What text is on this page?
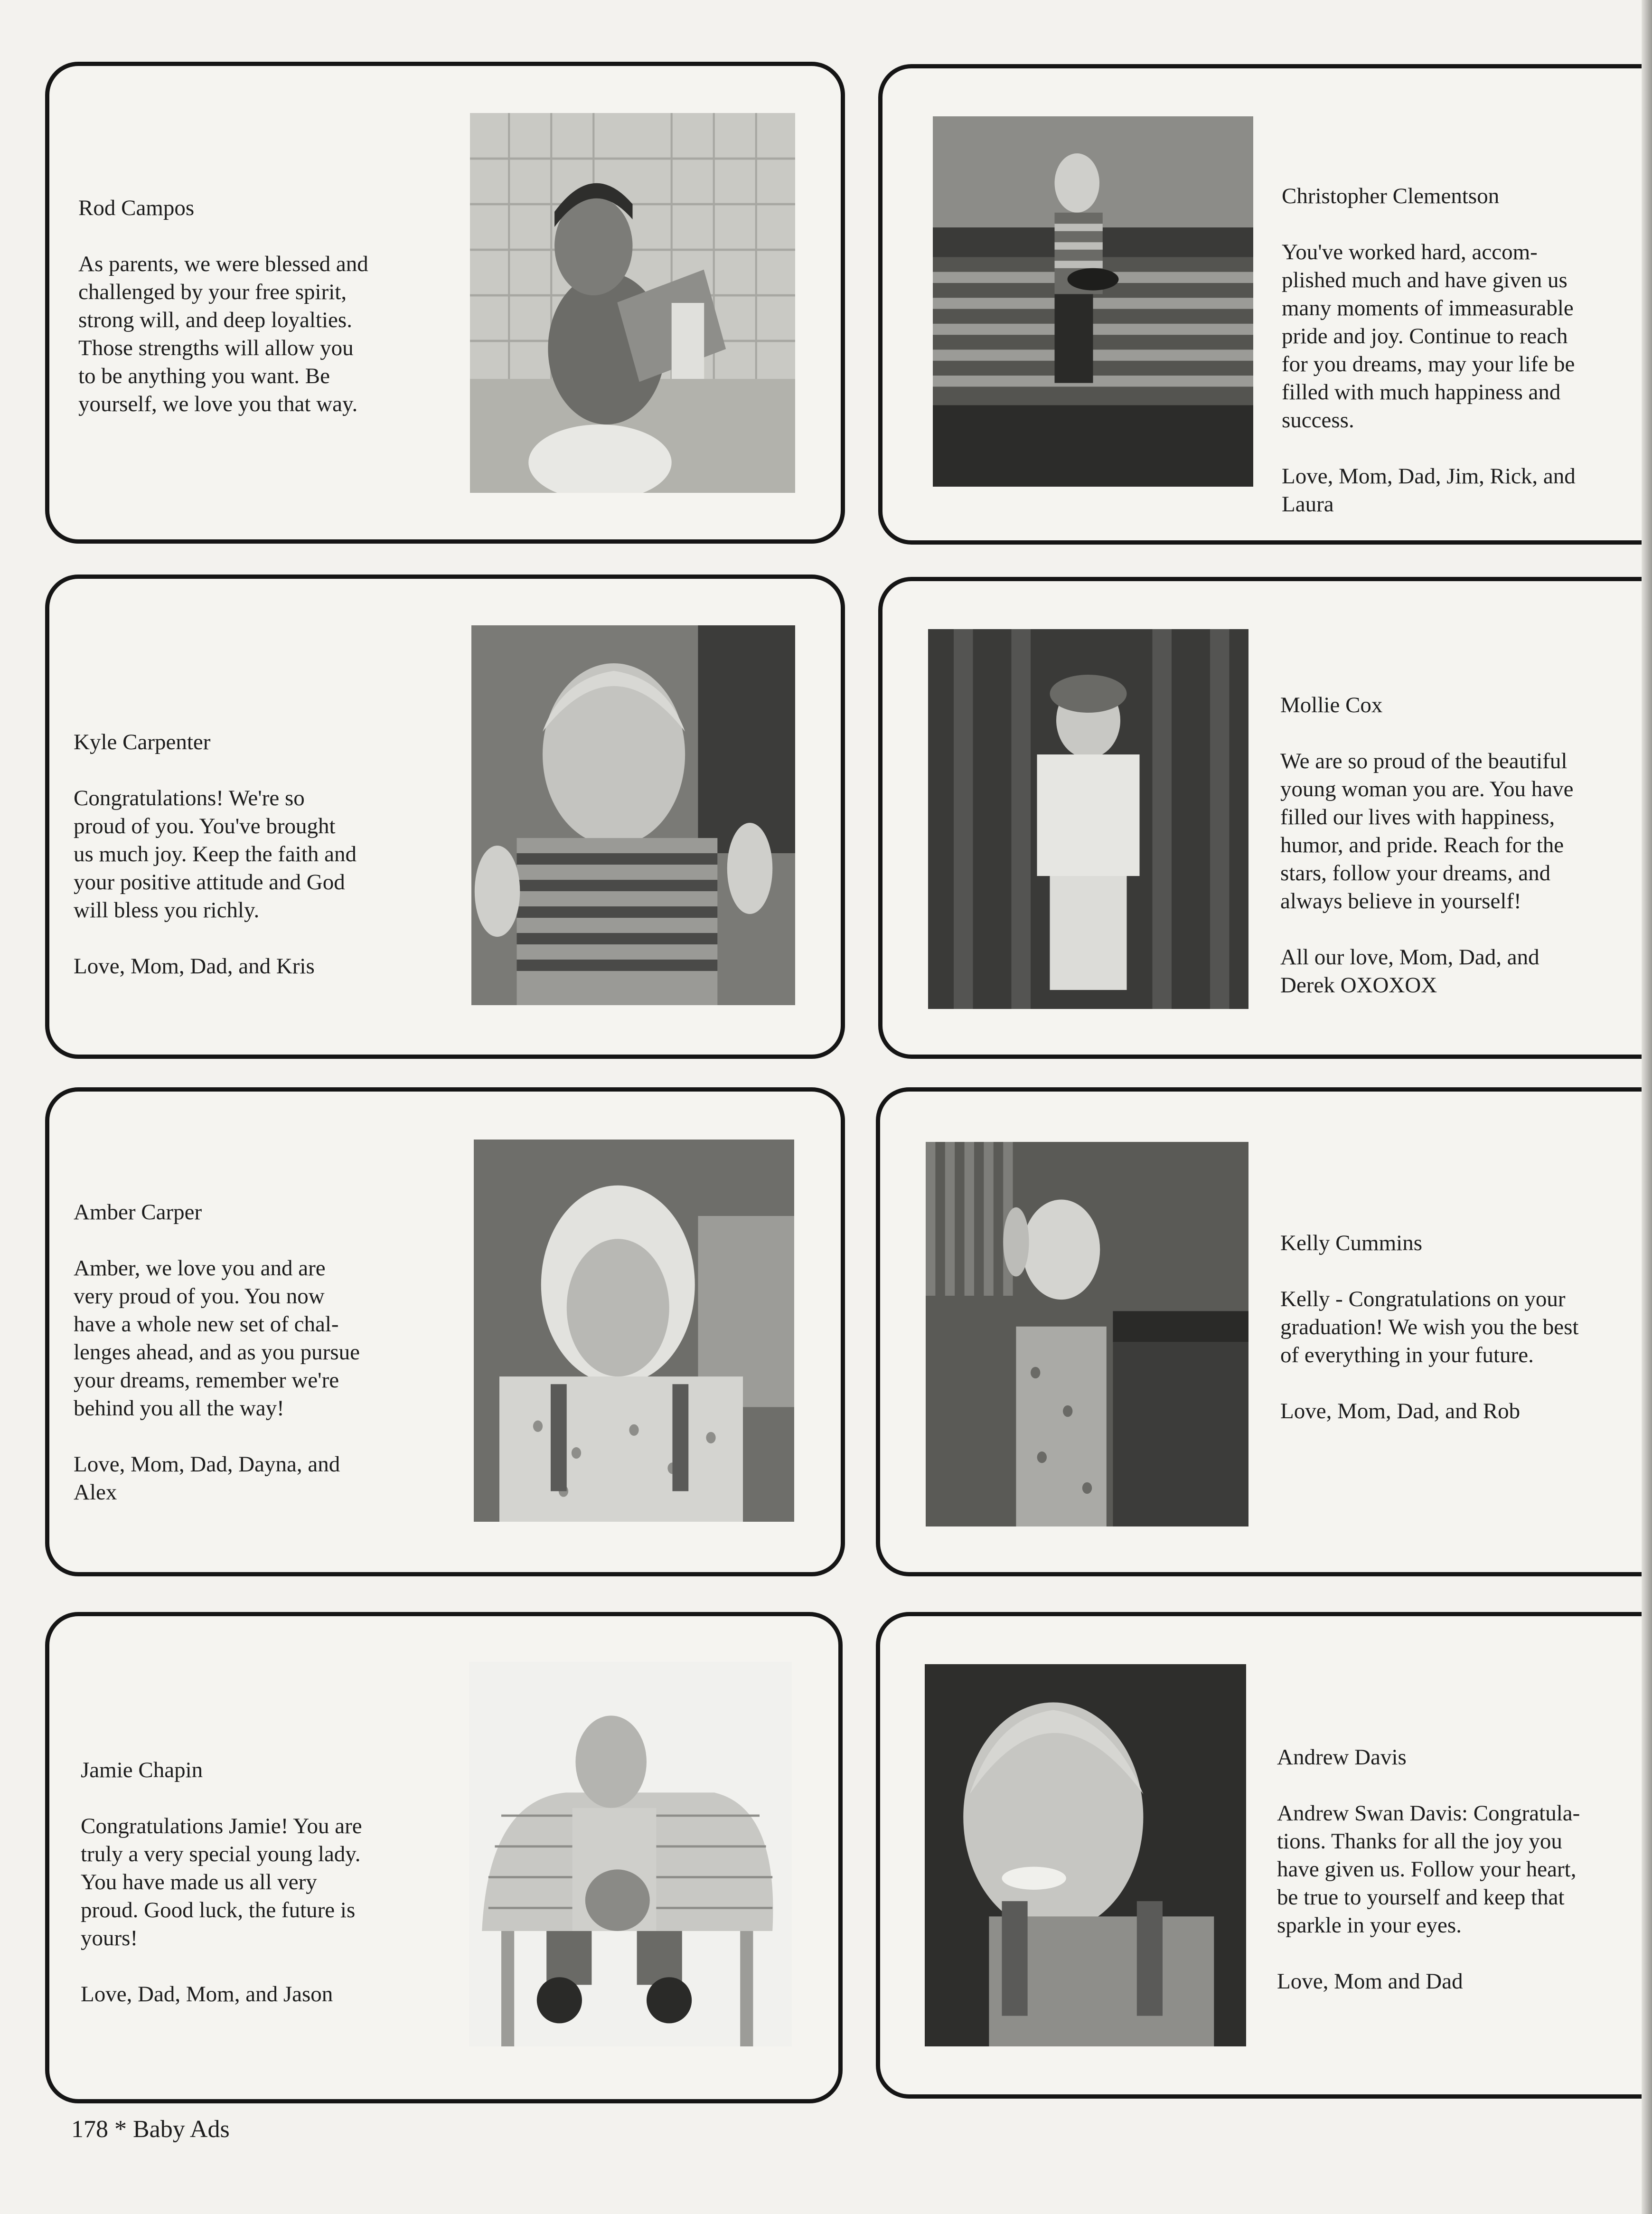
Rod Campos
As parents, we were blessed and
challenged by your free spirit,
strong will, and deep loyalties.
Those strengths will allow you
to be anything you want. Be
yourself, we love you that way.

Christopher Clementson
You've worked hard, accom-
plished much and have given us
many moments of immeasurable
pride and joy. Continue to reach
for you dreams, may your life be
filled with much happiness and
success.
Love, Mom, Dad, Jim, Rick, and
Laura

Kyle Carpenter
Congratulations! We're so
proud of you. You've brought
us much joy. Keep the faith and
your positive attitude and God
will bless you richly.
Love, Mom, Dad, and Kris

Mollie Cox
We are so proud of the beautiful
young woman you are. You have
filled our lives with happiness,
humor, and pride. Reach for the
stars, follow your dreams, and
always believe in yourself!
All our love, Mom, Dad, and
Derek OXOXOX

Amber Carper
Amber, we love you and are
very proud of you. You now
have a whole new set of chal-
lenges ahead, and as you pursue
your dreams, remember we're
behind you all the way!
Love, Mom, Dad, Dayna, and
Alex

Kelly Cummins
Kelly - Congratulations on your
graduation! We wish you the best
of everything in your future.
Love, Mom, Dad, and Rob

Jamie Chapin
Congratulations Jamie! You are
truly a very special young lady.
You have made us all very
proud. Good luck, the future is
yours!
Love, Dad, Mom, and Jason

Andrew Davis
Andrew Swan Davis: Congratula-
tions. Thanks for all the joy you
have given us. Follow your heart,
be true to yourself and keep that
sparkle in your eyes.
Love, Mom and Dad

178 * Baby Ads
